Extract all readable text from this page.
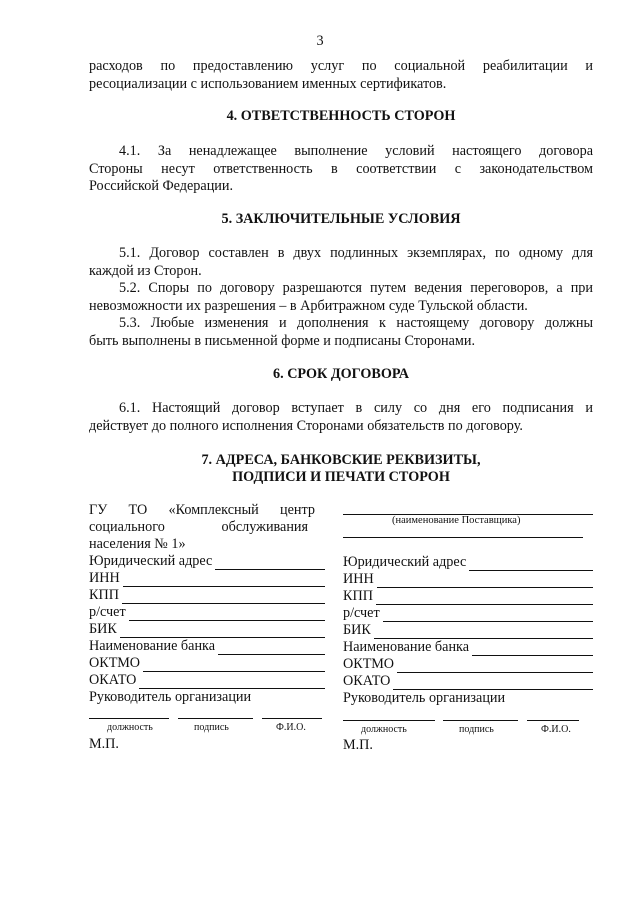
3
расходов по предоставлению услуг по социальной реабилитации и
ресоциализации с использованием именных сертификатов.
4. ОТВЕТСТВЕННОСТЬ СТОРОН
4.1. За ненадлежащее выполнение условий настоящего договора
Стороны несут ответственность в соответствии с законодательством
Российской Федерации.
5. ЗАКЛЮЧИТЕЛЬНЫЕ УСЛОВИЯ
5.1. Договор составлен в двух подлинных экземплярах, по одному для
каждой из Сторон.
5.2. Споры по договору разрешаются путем ведения переговоров, а при
невозможности их разрешения – в Арбитражном суде Тульской области.
5.3. Любые изменения и дополнения к настоящему договору должны
быть выполнены в письменной форме и подписаны Сторонами.
6. СРОК ДОГОВОРА
6.1. Настоящий договор вступает в силу со дня его подписания и
действует до полного исполнения Сторонами обязательств по договору.
7. АДРЕСА, БАНКОВСКИЕ РЕКВИЗИТЫ,
ПОДПИСИ И ПЕЧАТИ СТОРОН
ГУ      ТО      «Комплексный      центр
социального                обслуживания
населения № 1»
Юридический адрес
ИНН
КПП
р/счет
БИК
Наименование банка
ОКТМО
ОКАТО
Руководитель организации
должность	подпись	Ф.И.О.
М.П.
(наименование Поставщика)
Юридический адрес
ИНН
КПП
р/счет
БИК
Наименование банка
ОКТМО
ОКАТО
Руководитель организации
должность	подпись	Ф.И.О.
М.П.
